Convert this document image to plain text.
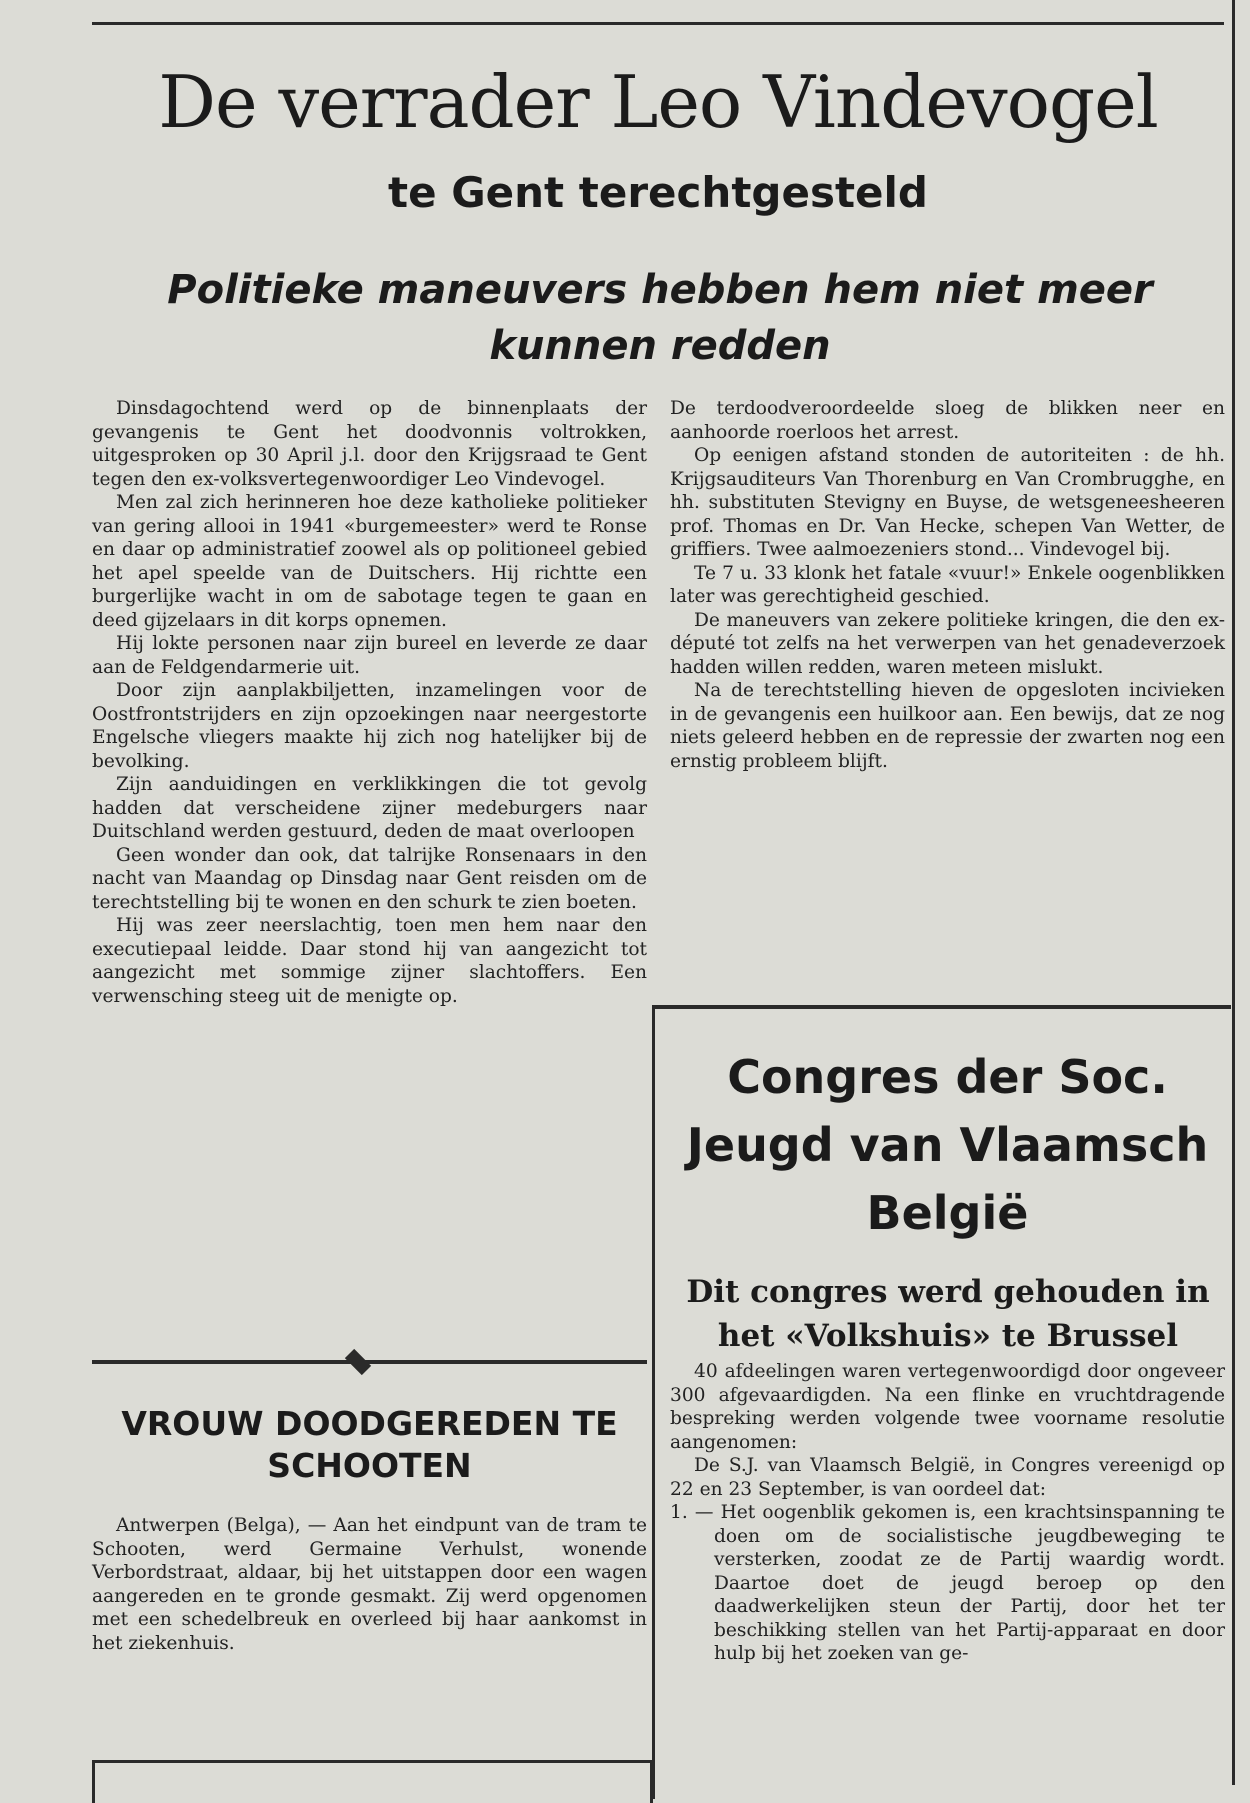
De verrader Leo Vindevogel
te Gent terechtgesteld
Politieke maneuvers hebben hem niet meer kunnen redden

Dinsdagochtend werd op de binnenplaats der gevangenis te Gent het doodvonnis voltrokken, uitgesproken op 30 April j.l. door den Krijgsraad te Gent tegen den ex-volksvertegenwoordiger Leo Vindevogel.

Men zal zich herinneren hoe deze katholieke politieker van gering allooi in 1941 «burgemeester» werd te Ronse en daar op administratief zoowel als op politioneel gebied het apel speelde van de Duitschers. Hij richtte een burgerlijke wacht in om de sabotage tegen te gaan en deed gijzelaars in dit korps opnemen.

Hij lokte personen naar zijn bureel en leverde ze daar aan de Feldgendarmerie uit.

Door zijn aanplakbiljetten, inzamelingen voor de Oostfrontstrijders en zijn opzoekingen naar neergestorte Engelsche vliegers maakte hij zich nog hatelijker bij de bevolking.

Zijn aanduidingen en verklikkingen die tot gevolg hadden dat verscheidene zijner medeburgers naar Duitschland werden gestuurd, deden de maat overloopen

Geen wonder dan ook, dat talrijke Ronsenaars in den nacht van Maandag op Dinsdag naar Gent reisden om de terechtstelling bij te wonen en den schurk te zien boeten.

Hij was zeer neerslachtig, toen men hem naar den executiepaal leidde. Daar stond hij van aangezicht tot aangezicht met sommige zijner slachtoffers. Een verwensching steeg uit de menigte op.

De terdoodveroordeelde sloeg de blikken neer en aanhoorde roerloos het arrest.

Op eenigen afstand stonden de autoriteiten : de hh. Krijgsauditeurs Van Thorenburg en Van Crombrugghe, en hh. substituten Stevigny en Buyse, de wetsgeneesheeren prof. Thomas en Dr. Van Hecke, schepen Van Wetter, de griffiers. Twee aalmoezeniers stond... Vindevogel bij.

Te 7 u. 33 klonk het fatale «vuur!» Enkele oogenblikken later was gerechtigheid geschied.

De maneuvers van zekere politieke kringen, die den ex-député tot zelfs na het verwerpen van het genadeverzoek hadden willen redden, waren meteen mislukt.

Na de terechtstelling hieven de opgesloten incivieken in de gevangenis een huilkoor aan. Een bewijs, dat ze nog niets geleerd hebben en de repressie der zwarten nog een ernstig probleem blijft.

VROUW DOODGEREDEN TE SCHOOTEN

Antwerpen (Belga), — Aan het eindpunt van de tram te Schooten, werd Germaine Verhulst, wonende Verbordstraat, aldaar, bij het uitstappen door een wagen aangereden en te gronde gesmakt. Zij werd opgenomen met een schedelbreuk en overleed bij haar aankomst in het ziekenhuis.

Congres der Soc. Jeugd van Vlaamsch België
Dit congres werd gehouden in het «Volkshuis» te Brussel

40 afdeelingen waren vertegenwoordigd door ongeveer 300 afgevaardigden. Na een flinke en vruchtdragende bespreking werden volgende twee voorname resolutie aangenomen:

De S.J. van Vlaamsch België, in Congres vereenigd op 22 en 23 September, is van oordeel dat:

1. — Het oogenblik gekomen is, een krachtsinspanning te doen om de socialistische jeugdbeweging te versterken, zoodat ze de Partij waardig wordt. Daartoe doet de jeugd beroep op den daadwerkelijken steun der Partij, door het ter beschikking stellen van het Partij-apparaat en door hulp bij het zoeken van ge-
